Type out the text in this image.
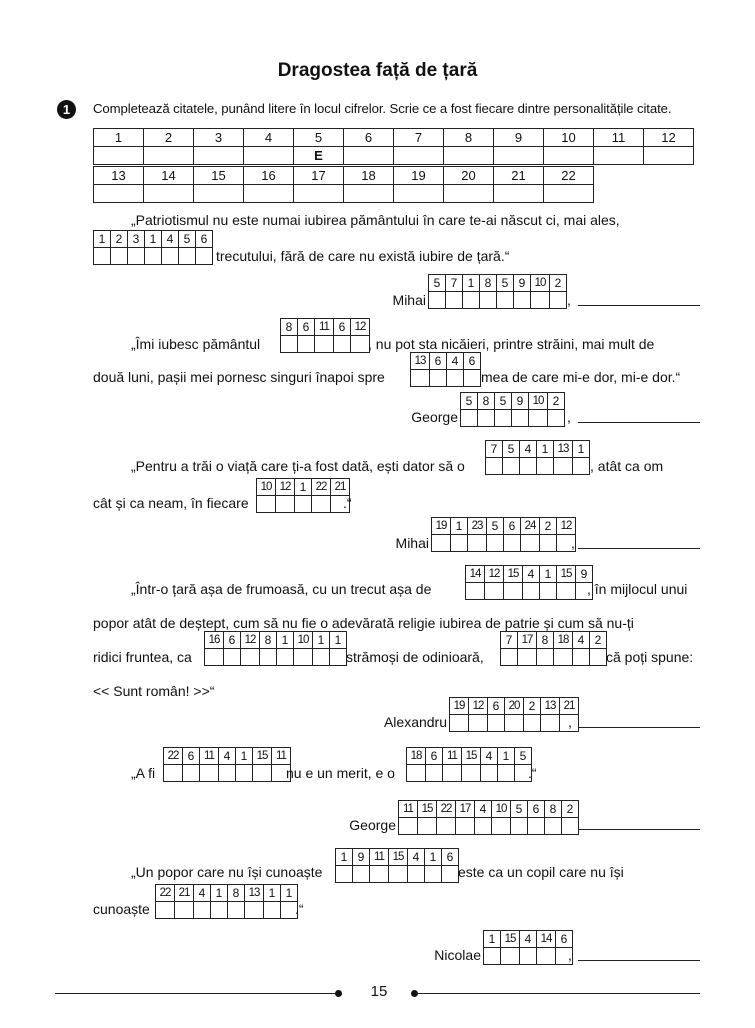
Dragostea față de țară
1	Completează citatele, punând litere în locul cifrelor. Scrie ce a fost fiecare dintre personalitățile citate.
1	2	3	4	5	6	7	8	9	10	11	12
				E							
13	14	15	16	17	18	19	20	21	22

„Patriotismul nu este numai iubirea pământului în care te-ai născut ci, mai ales,
1 2 3 1 4 5 6
trecutului, fără de care nu există iubire de țară.“
5 7 1 8 5 9 10 2
Mihai	,
8 6 11 6 12
„Îmi iubesc pământul	, nu pot sta nicăieri, printre străini, mai mult de
13 6 4 6
două luni, pașii mei pornesc singuri înapoi spre	mea de care mi-e dor, mi-e dor.“
5 8 5 9 10 2
George	,
7 5 4 1 13 1
„Pentru a trăi o viață care ți-a fost dată, ești dator să o	, atât ca om
10 12 1 22 21
cât și ca neam, în fiecare	.“
19 1 23 5 6 24 2 12
Mihai	,
14 12 15 4 1 15 9
„Într-o țară așa de frumoasă, cu un trecut așa de	, în mijlocul unui
popor atât de deștept, cum să nu fie o adevărată religie iubirea de patrie și cum să nu-ți
16 6 12 8 1 10 1 1
ridici fruntea, ca	strămoși de odinioară,
7 17 8 18 4 2
că poți spune:
<< Sunt român! >>“
19 12 6 20 2 13 21
Alexandru	,
22 6 11 4 1 15 11
„A fi	nu e un merit, e o
18 6 11 15 4 1 5
.“
11 15 22 17 4 10 5 6 8 2
George
1 9 11 15 4 1 6
„Un popor care nu își cunoaște	este ca un copil care nu își
22 21 4 1 8 13 1 1
cunoaște	.“
1 15 4 14 6
Nicolae	,
15
